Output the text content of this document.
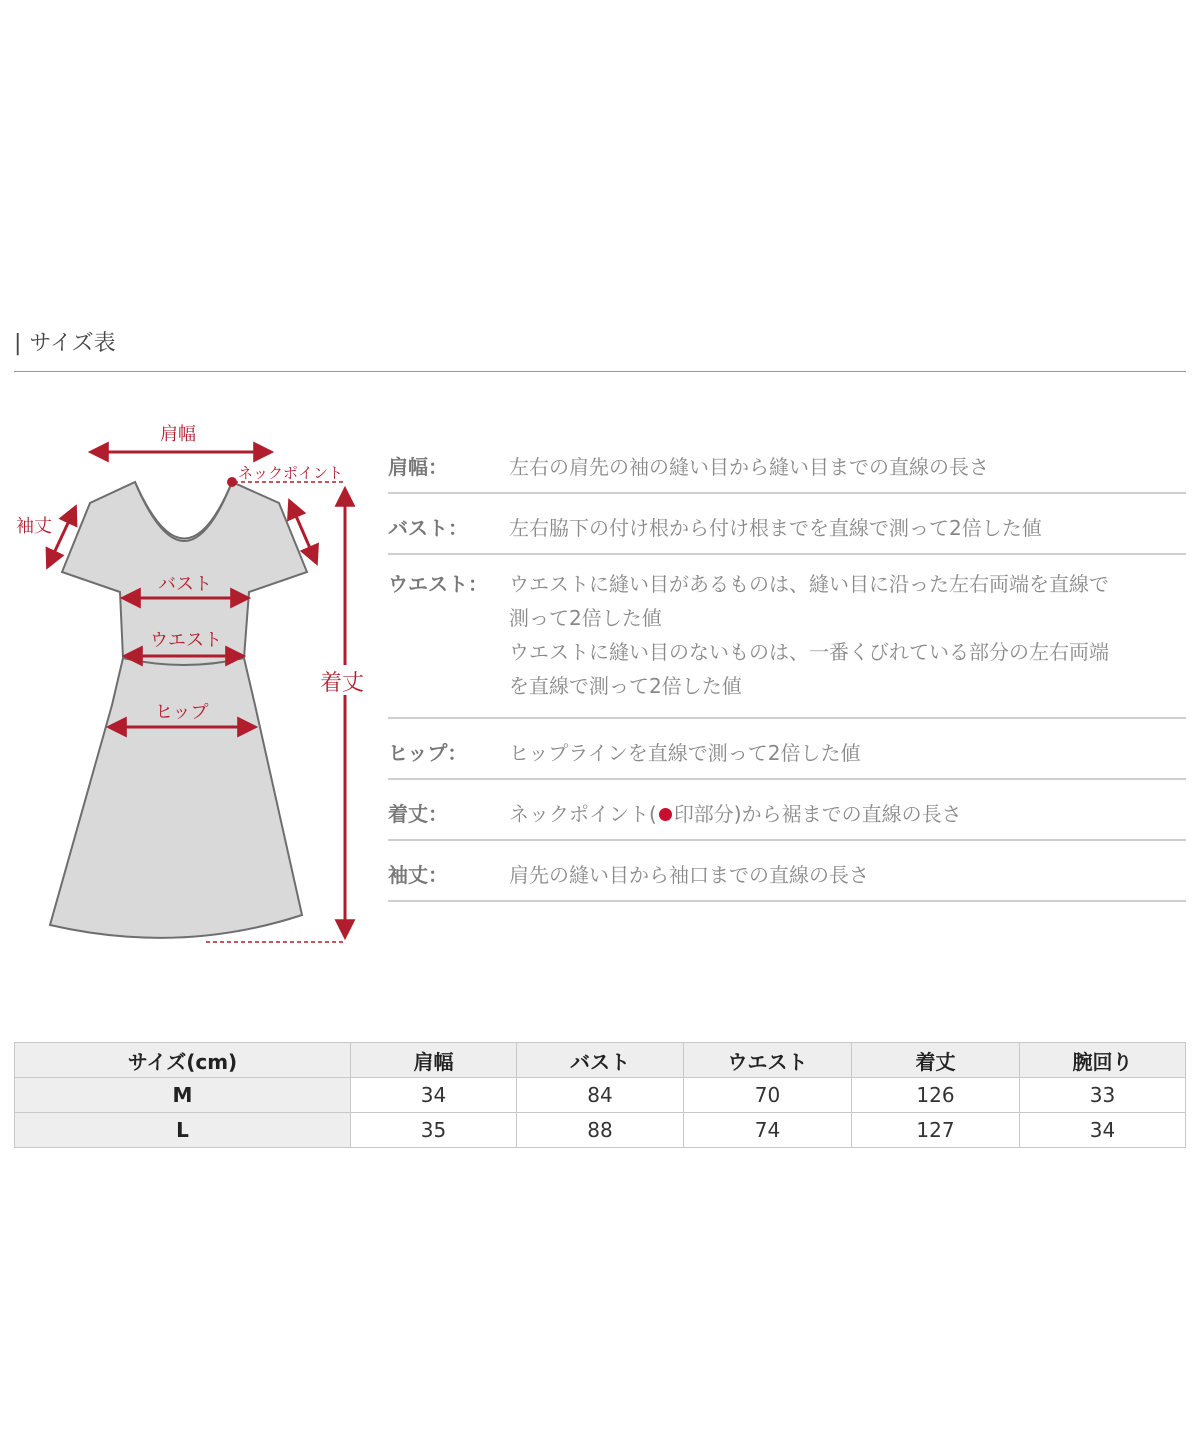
| サイズ表
肩幅
ネックポイント
袖丈
バスト
ウエスト
ヒップ
着丈
肩幅：	左右の肩先の袖の縫い目から縫い目までの直線の長さ
バスト：	左右脇下の付け根から付け根までを直線で測って2倍した値
ウエスト：	ウエストに縫い目があるものは、縫い目に沿った左右両端を直線で
測って2倍した値
ウエストに縫い目のないものは、一番くびれている部分の左右両端
を直線で測って2倍した値
ヒップ：	ヒップラインを直線で測って2倍した値
着丈：	ネックポイント( 印部分)から裾までの直線の長さ
袖丈：	肩先の縫い目から袖口までの直線の長さ
サイズ(cm)	肩幅	バスト	ウエスト	着丈	腕回り
M	34	84	70	126	33
L	35	88	74	127	34
